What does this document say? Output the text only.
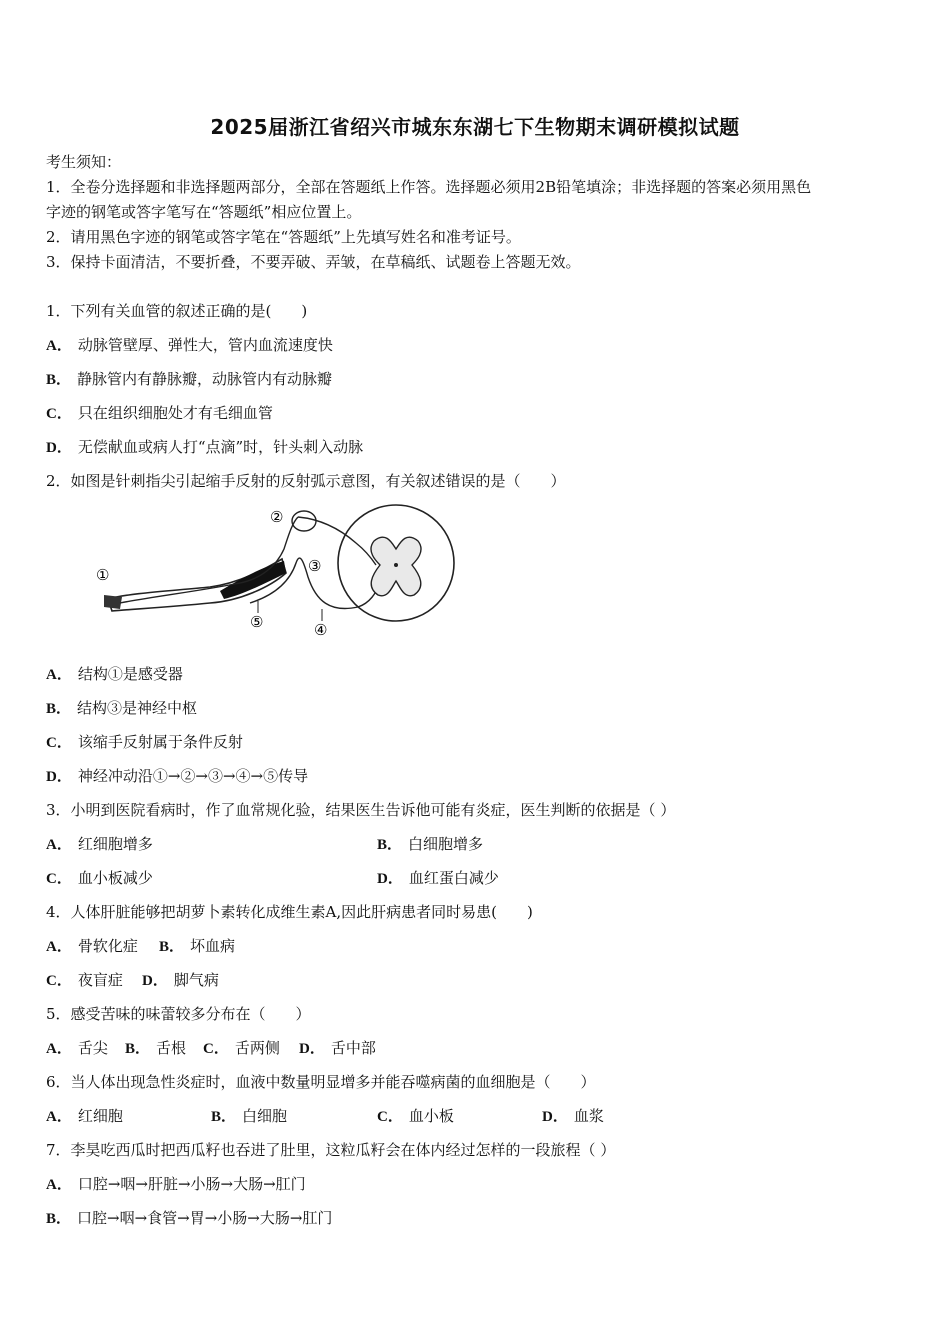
2025届浙江省绍兴市城东东湖七下生物期末调研模拟试题
考生须知：
1．全卷分选择题和非选择题两部分，全部在答题纸上作答。选择题必须用2B铅笔填涂；非选择题的答案必须用黑色
字迹的钢笔或答字笔写在“答题纸”相应位置上。
2．请用黑色字迹的钢笔或答字笔在“答题纸”上先填写姓名和准考证号。
3．保持卡面清洁，不要折叠，不要弄破、弄皱，在草稿纸、试题卷上答题无效。
1．下列有关血管的叙述正确的是(　　)
A． 动脉管壁厚、弹性大，管内血流速度快
B． 静脉管内有静脉瓣，动脉管内有动脉瓣
C． 只在组织细胞处才有毛细血管
D． 无偿献血或病人打“点滴”时，针头刺入动脉
2．如图是针刺指尖引起缩手反射的反射弧示意图，有关叙述错误的是（　　）
①
②
③
④
⑤
A． 结构①是感受器
B． 结构③是神经中枢
C． 该缩手反射属于条件反射
D． 神经冲动沿①→②→③→④→⑤传导
3．小明到医院看病时，作了血常规化验，结果医生告诉他可能有炎症，医生判断的依据是（ ）
A． 红细胞增多	B． 白细胞增多
C． 血小板减少	D． 血红蛋白减少
4．人体肝脏能够把胡萝卜素转化成维生素A,因此肝病患者同时易患(　　)
A． 骨软化症 B． 坏血病
C． 夜盲症 D． 脚气病
5．感受苦味的味蕾较多分布在（　　）
A． 舌尖 B． 舌根 C． 舌两侧 D． 舌中部
6．当人体出现急性炎症时，血液中数量明显增多并能吞噬病菌的血细胞是（　　）
A． 红细胞	B． 白细胞	C． 血小板	D． 血浆
7．李昊吃西瓜时把西瓜籽也吞进了肚里，这粒瓜籽会在体内经过怎样的一段旅程（ ）
A． 口腔→咽→肝脏→小肠→大肠→肛门
B． 口腔→咽→食管→胃→小肠→大肠→肛门
